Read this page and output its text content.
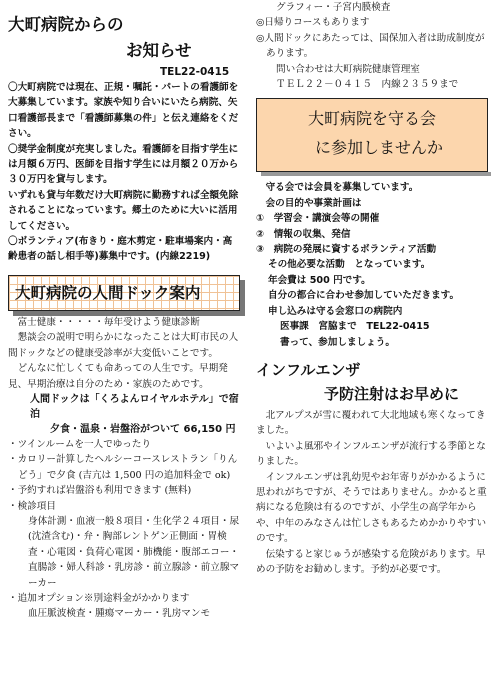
大町病院からの
お知らせ
TEL22-0415
〇大町病院では現在、正規・嘱託・パートの看護師を大募集しています。家族や知り合いにいたら病院、矢口看護部長まで「看護師募集の件」と伝え連絡をください。
〇奨学金制度が充実しました。看護師を目指す学生には月額６万円、医師を目指す学生には月額２０万から３０万円を貸与します。
いずれも貸与年数だけ大町病院に勤務すれば全額免除されることになっています。郷土のために大いに活用してください。
〇ボランティア(布きり・庭木剪定・駐車場案内・高齢患者の話し相手等)募集中です。(内線2219)
大町病院の人間ドック案内
富士健康・・・・・毎年受けよう健康診断
懇談会の説明で明らかになったことは大町市民の人間ドックなどの健康受診率が大変低いことです。
どんなに忙しくても命あっての人生です。早期発見、早期治療は自分のため・家族のためです。
人間ドックは「くろよんロイヤルホテル」で宿泊
夕食・温泉・岩盤浴がついて 66,150 円
・ツインルームを一人でゆったり
・カロリー計算したヘルシーコースレストラン「りんどう」で夕食 (吉亢は 1,500 円の追加料金で ok)
・予約すれば岩盤浴も利用できます (無料)
・検診項目
身体計測・血液一般８項目・生化学２４項目・尿 (沈渣含む)・弁・胸部レントゲン正側面・胃検査・心電図・負荷心電図・肺機能・腹部エコー・直腸診・婦人科診・乳房診・前立腺診・前立腺マーカー
・追加オプション※別途料金がかかります
血圧脈波検査・腫瘍マーカー・乳房マンモ
グラフィー・子宮内膜検査
◎日帰りコースもあります
◎人間ドックにあたっては、国保加入者は助成制度があります。
問い合わせは大町病院健康管理室
ＴＥＬ２２－０４１５　内線２３５９まで
大町病院を守る会
に参加しませんか
守る会では会員を募集しています。
会の目的や事業計画は
①　学習会・講演会等の開催
②　情報の収集、発信
③　病院の発展に資するボランティア活動
その他必要な活動　となっています。
年会費は 500 円です。
自分の都合に合わせ参加していただきます。
申し込みは守る会窓口の病院内
医事課　宮脇まで　TEL22-0415
書って、参加しましょう。
インフルエンザ
予防注射はお早めに
北アルプスが雪に覆われて大北地域も寒くなってきました。
いよいよ風邪やインフルエンザが流行する季節となりました。
インフルエンザは乳幼児やお年寄りがかかるように思われがちですが、そうではありません。かかると重病になる危険は有るのですが、小学生の高学年からや、中年のみなさんは忙しさもあるためかかりやすいのです。
伝染すると家じゅうが感染する危険があります。早めの予防をお勧めします。予約が必要です。
